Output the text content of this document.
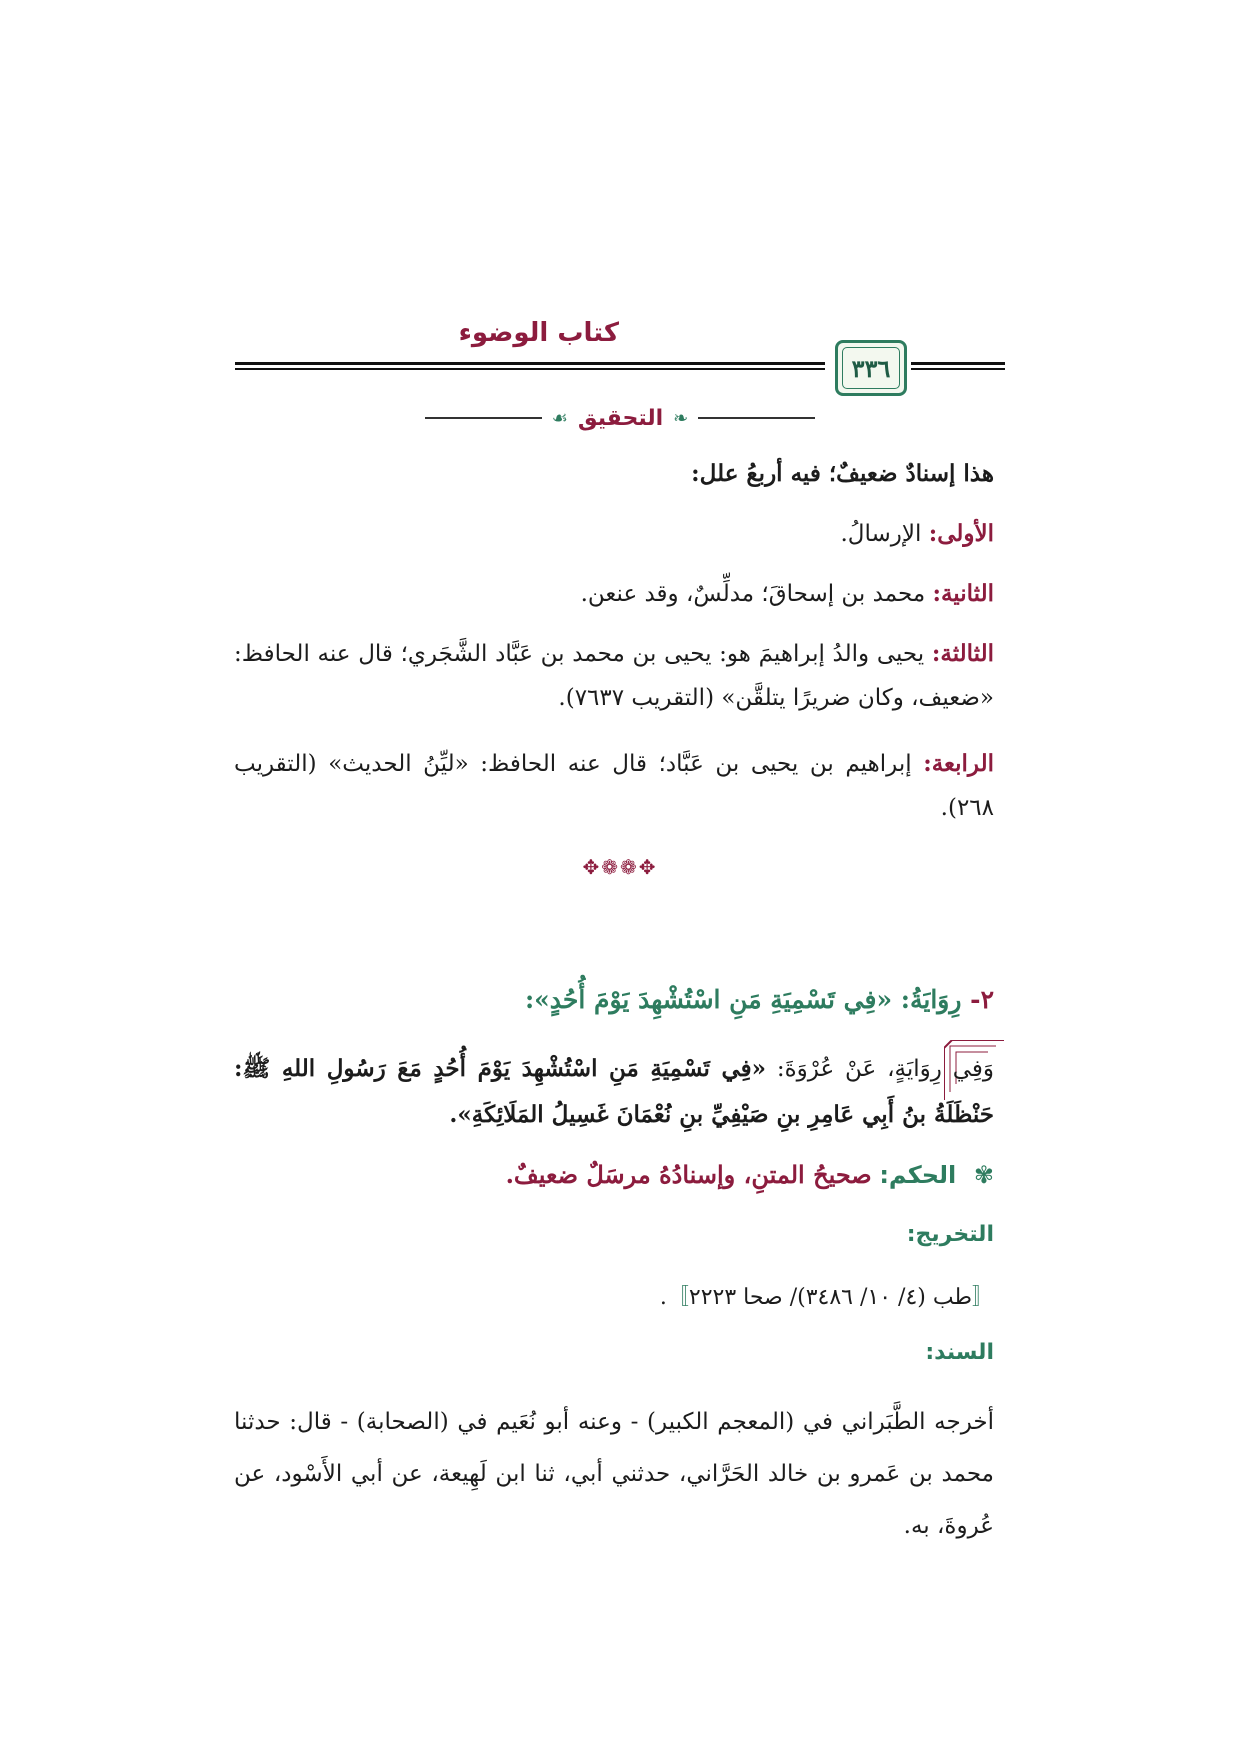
كتاب الوضوء
٣٣٦
❧
التحقيق
☙
هذا إسنادٌ ضعيفٌ؛ فيه أربعُ علل:
الأولى: الإرسالُ.
الثانية: محمد بن إسحاقَ؛ مدلِّسٌ، وقد عنعن.
الثالثة: يحيى والدُ إبراهيمَ هو: يحيى بن محمد بن عَبَّاد الشَّجَري؛ قال عنه الحافظ: «ضعيف، وكان ضريرًا يتلقَّن» (التقريب ٧٦٣٧).
الرابعة: إبراهيم بن يحيى بن عَبَّاد؛ قال عنه الحافظ: «ليِّنُ الحديث» (التقريب ٢٦٨).
✥❁❁✥
٢- رِوَايَةُ: «فِي تَسْمِيَةِ مَنِ اسْتُشْهِدَ يَوْمَ أُحُدٍ»:
وَفِي رِوَايَةٍ، عَنْ عُرْوَةَ: «فِي تَسْمِيَةِ مَنِ اسْتُشْهِدَ يَوْمَ أُحُدٍ مَعَ رَسُولِ اللهِ ﷺ: حَنْظَلَةُ بنُ أَبِي عَامِرِ بنِ صَيْفِيِّ بنِ نُعْمَانَ غَسِيلُ المَلَائِكَةِ».
✾ الحكم: صحيحُ المتنِ، وإسنادُهُ مرسَلٌ ضعيفٌ.
التخريج:
〚طب (٤/ ١٠/ ٣٤٨٦)/ صحا ٢٢٢٣〛.
السند:
أخرجه الطَّبَراني في (المعجم الكبير) - وعنه أبو نُعَيم في (الصحابة) - قال: حدثنا محمد بن عَمرو بن خالد الحَرَّاني، حدثني أبي، ثنا ابن لَهِيعة، عن أبي الأَسْود، عن عُروةَ، به.
